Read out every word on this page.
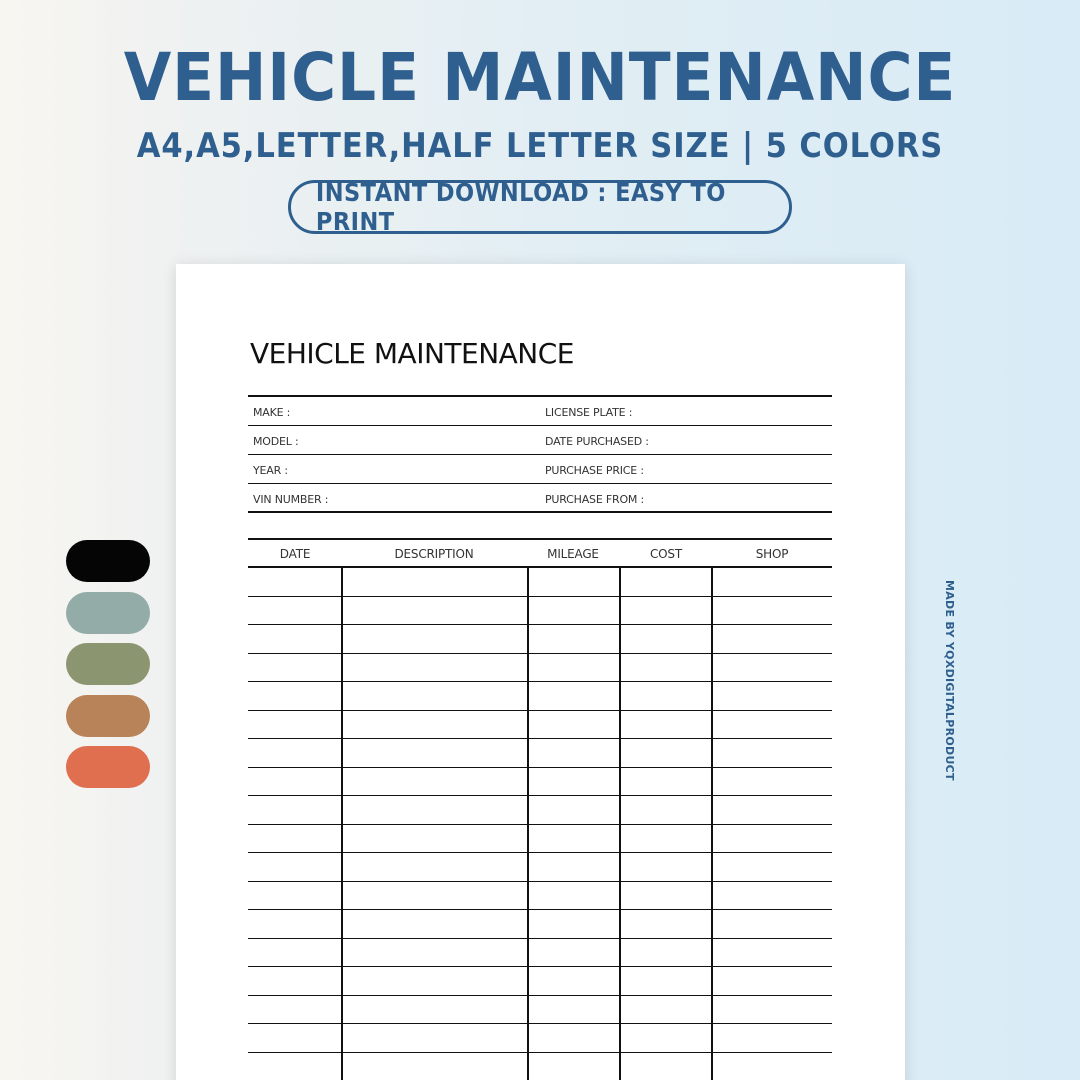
VEHICLE MAINTENANCE
A4,A5,LETTER,HALF LETTER SIZE | 5 COLORS
INSTANT DOWNLOAD : EASY TO PRINT
MADE BY YQXDIGITALPRODUCT
VEHICLE MAINTENANCE
MAKE :	LICENSE PLATE :
MODEL :	DATE PURCHASED :
YEAR :	PURCHASE PRICE :
VIN NUMBER :	PURCHASE FROM :
DATE	DESCRIPTION	MILEAGE	COST	SHOP
